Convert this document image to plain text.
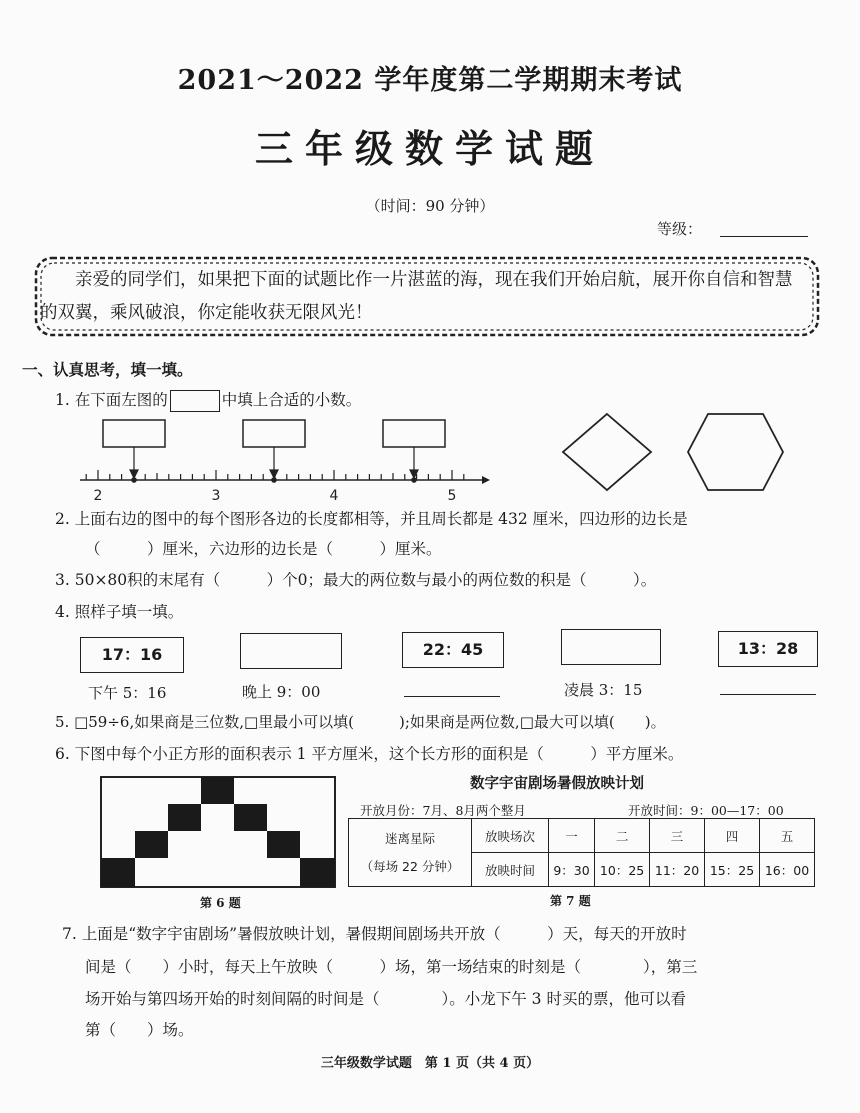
2021～2022 学年度第二学期期末考试
三年级数学试题
（时间：90 分钟）
等级：
亲爱的同学们，如果把下面的试题比作一片湛蓝的海，现在我们开始启航，展开你自信和智慧的双翼，乘风破浪，你定能收获无限风光！
一、认真思考，填一填。
1. 在下面左图的	中填上合适的小数。
2	3	4	5
2. 上面右边的图中的每个图形各边的长度都相等，并且周长都是 432 厘米，四边形的边长是
（　　　）厘米，六边形的边长是（　　　）厘米。
3. 50×80积的末尾有（　　　）个0；最大的两位数与最小的两位数的积是（　　　）。
4. 照样子填一填。
17：16	22：45	13：28
下午 5：16	晚上 9：00	凌晨 3：15
5. □59÷6,如果商是三位数,□里最小可以填(　　　);如果商是两位数,□最大可以填(　　)。
6. 下图中每个小正方形的面积表示 1 平方厘米，这个长方形的面积是（　　　）平方厘米。
第 6 题
数字宇宙剧场暑假放映计划
开放月份：7月、8月两个整月	开放时间：9：00—17：00
迷离星际
（每场 22 分钟）	放映场次	一	二	三	四	五
	放映时间	9：30	10：25	11：20	15：25	16：00
第 7 题
7. 上面是“数字宇宙剧场”暑假放映计划，暑假期间剧场共开放（　　　）天，每天的开放时
间是（　　）小时，每天上午放映（　　　）场，第一场结束的时刻是（　　　　），第三
场开始与第四场开始的时刻间隔的时间是（　　　　）。小龙下午 3 时买的票，他可以看
第（　　）场。
三年级数学试题　第 1 页（共 4 页）
